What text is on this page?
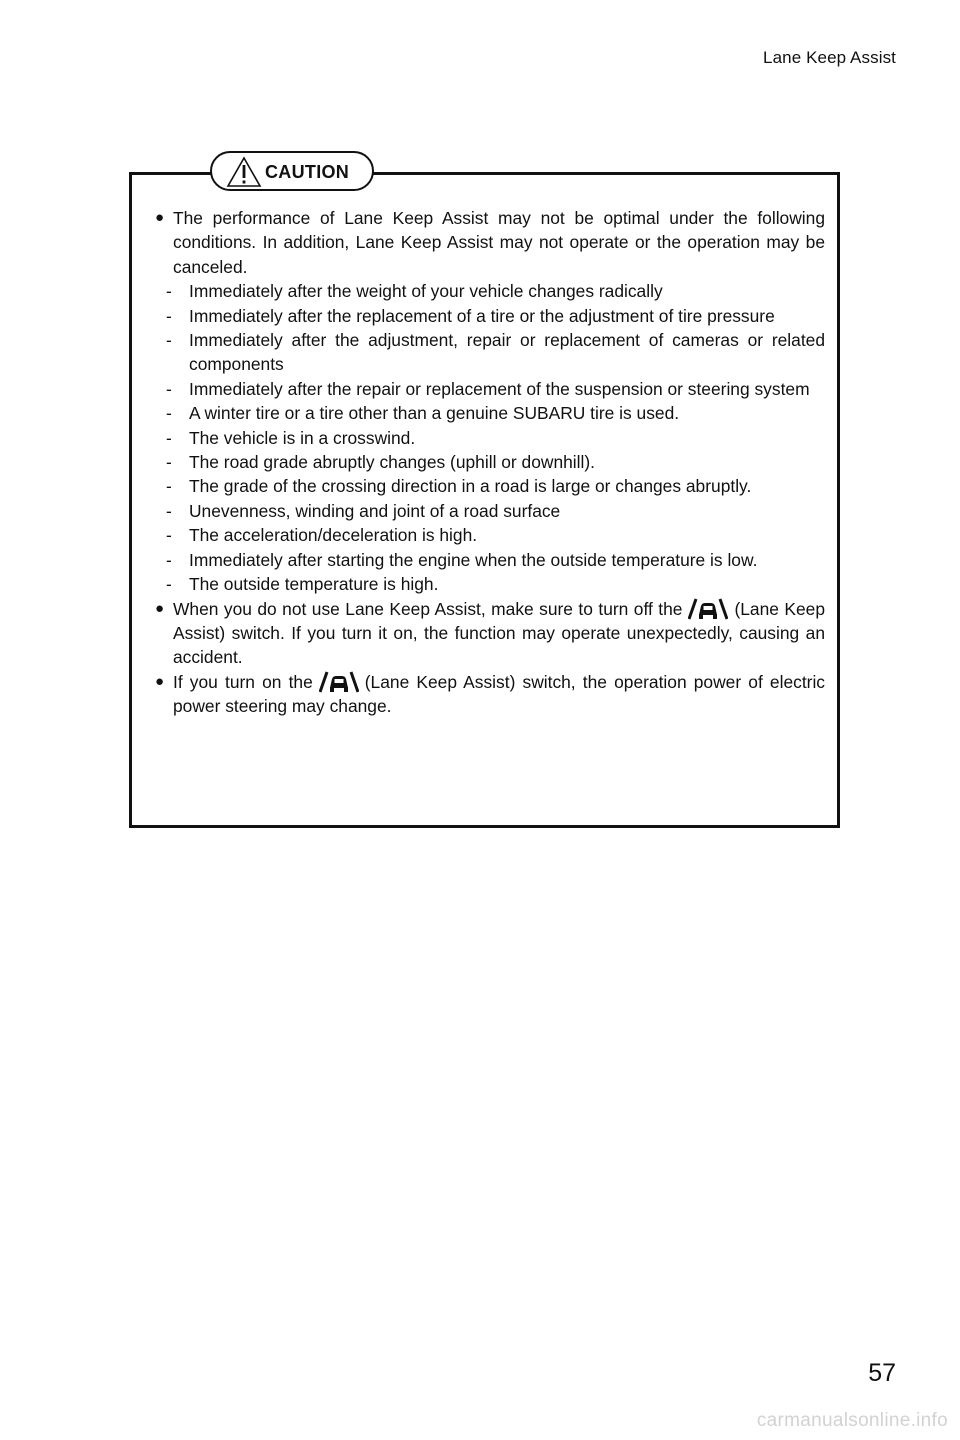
Lane Keep Assist
CAUTION

● The performance of Lane Keep Assist may not be optimal under the following conditions. In addition, Lane Keep Assist may not operate or the operation may be canceled.

- Immediately after the weight of your vehicle changes radically

- Immediately after the replacement of a tire or the adjustment of tire pressure

- Immediately after the adjustment, repair or replacement of cameras or related components

- Immediately after the repair or replacement of the suspension or steering system

- A winter tire or a tire other than a genuine SUBARU tire is used.

- The vehicle is in a crosswind.

- The road grade abruptly changes (uphill or downhill).

- The grade of the crossing direction in a road is large or changes abruptly.

- Unevenness, winding and joint of a road surface

- The acceleration/deceleration is high.

- Immediately after starting the engine when the outside temperature is low.

- The outside temperature is high.

● When you do not use Lane Keep Assist, make sure to turn off the	(Lane Keep Assist) switch. If you turn it on, the function may operate unexpectedly, causing an accident.

● If you turn on the	(Lane Keep Assist) switch, the operation power of electric power steering may change.

57
carmanualsonline.info
